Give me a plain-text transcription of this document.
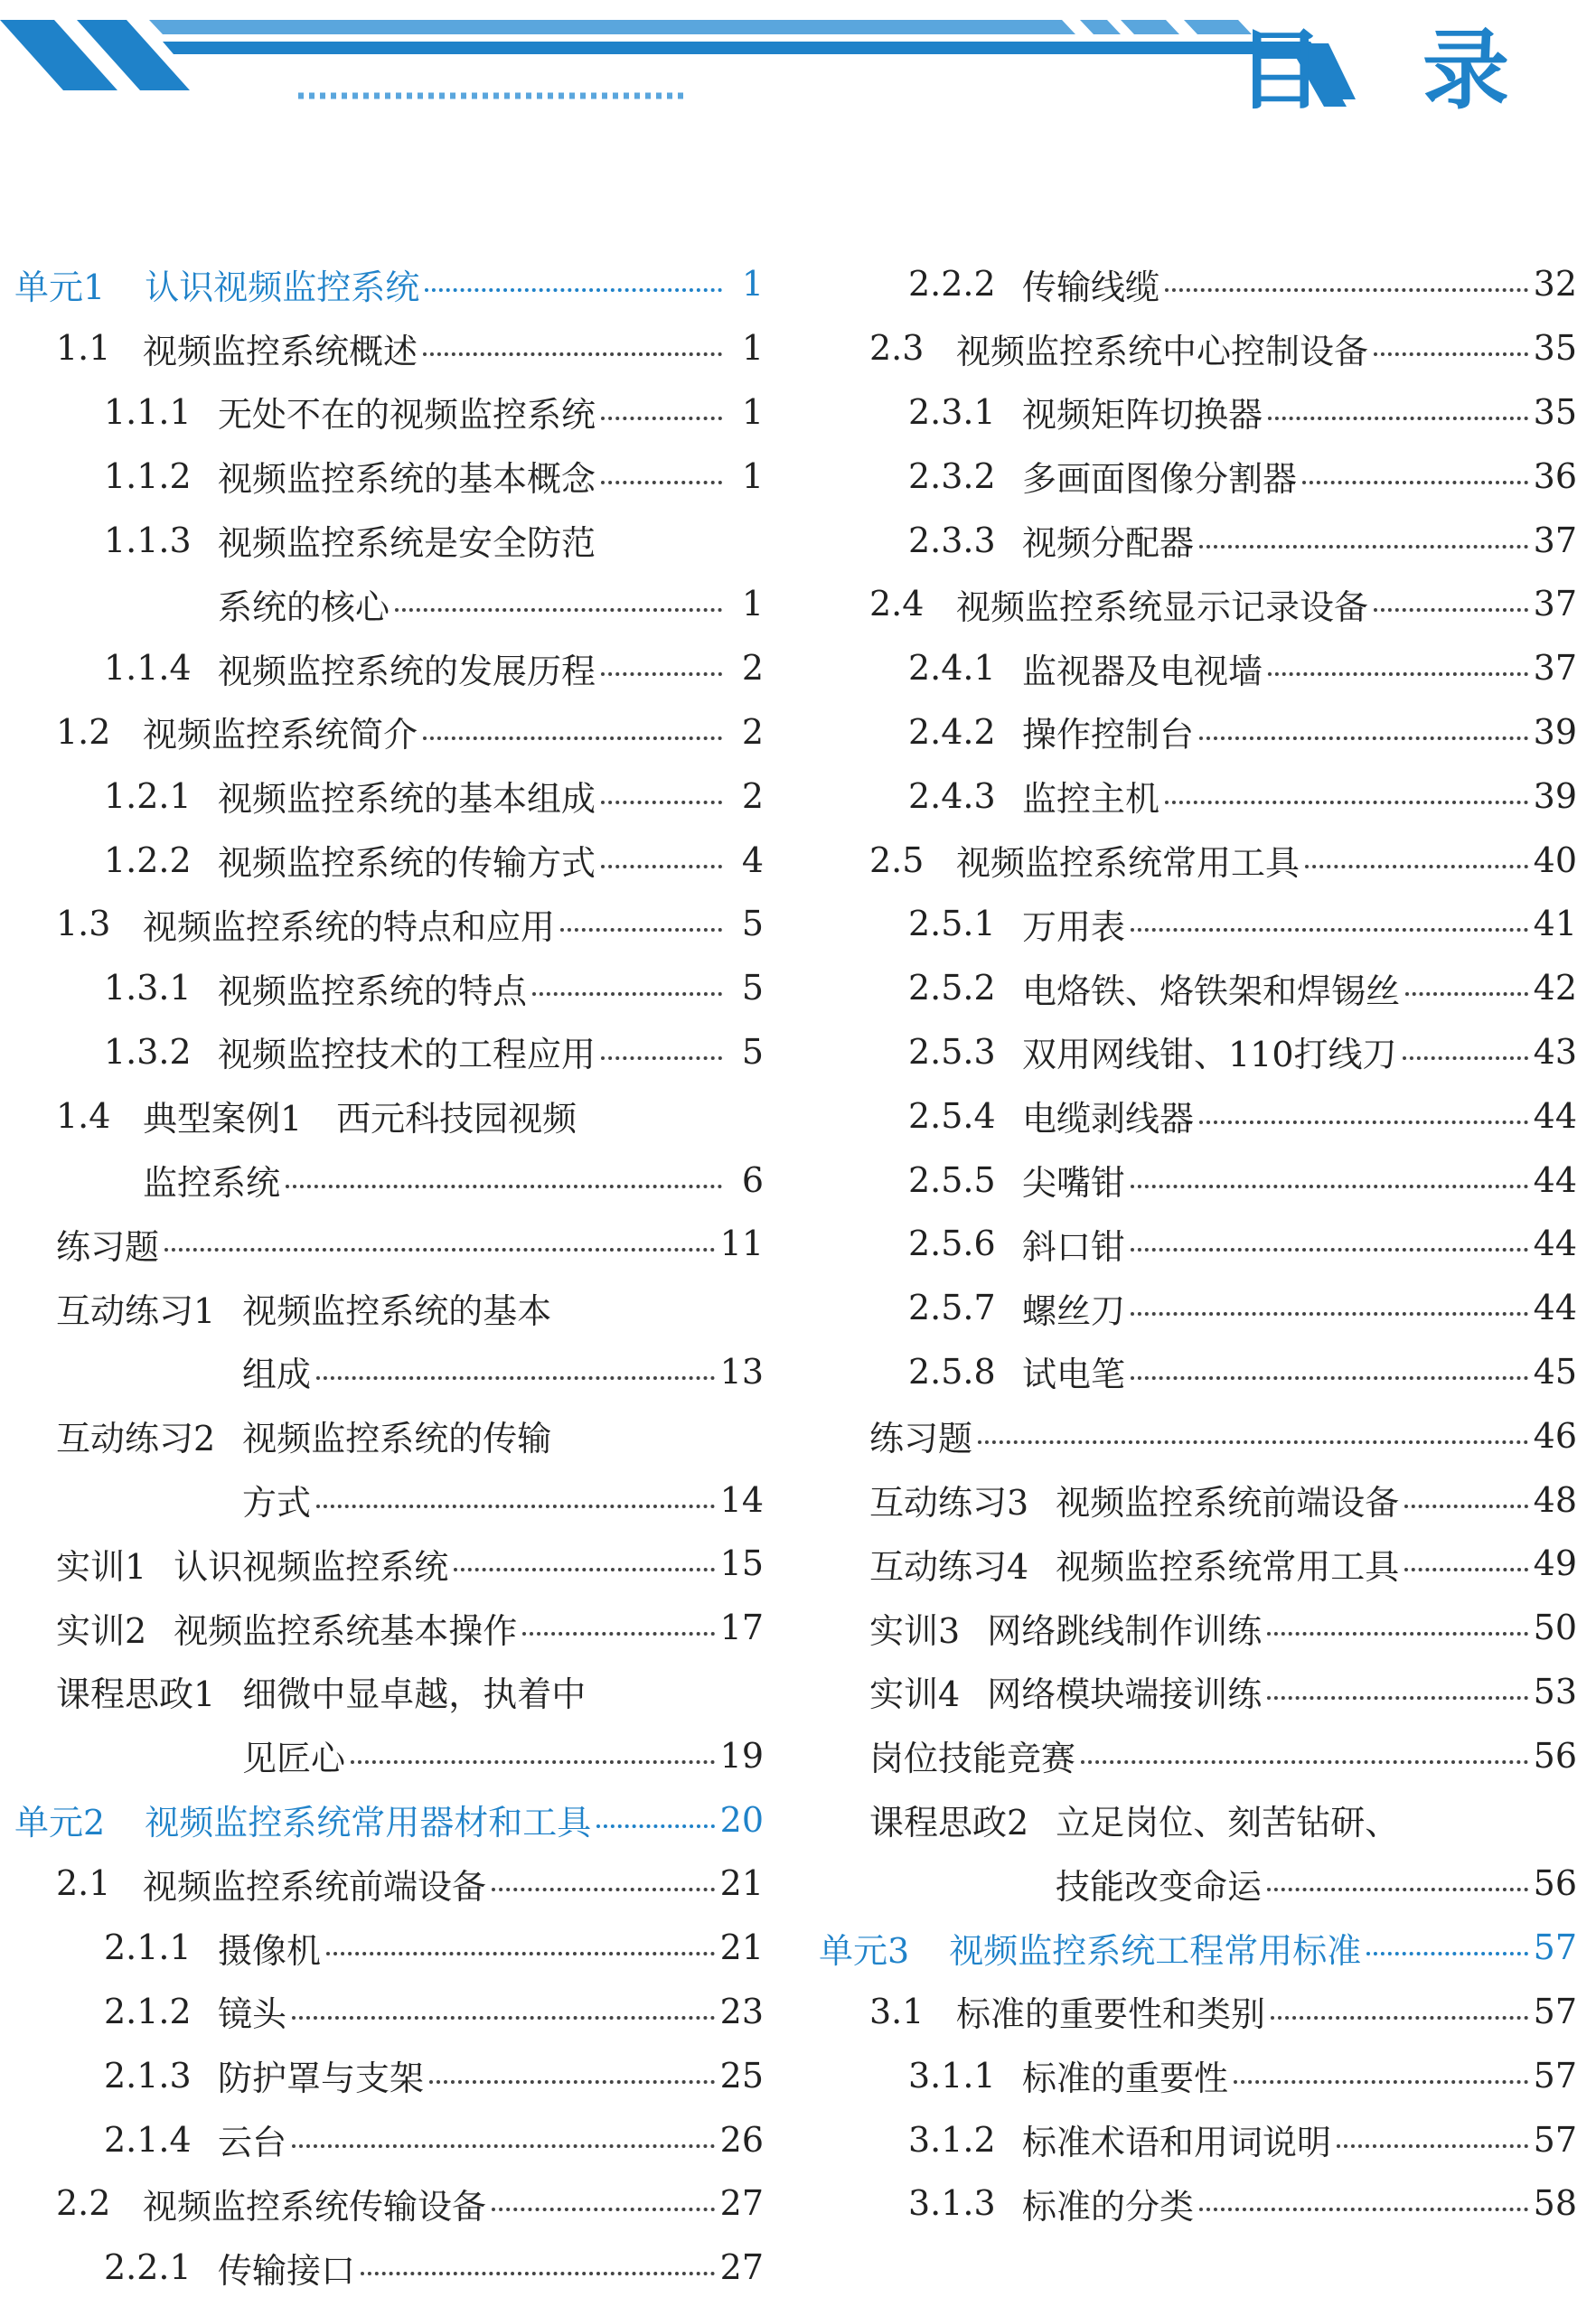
目 录
单元1 认识视频监控系统	1
1.1 视频监控系统概述	1
1.1.1 无处不在的视频监控系统	1
1.1.2 视频监控系统的基本概念	1
1.1.3 视频监控系统是安全防范
系统的核心	1
1.1.4 视频监控系统的发展历程	2
1.2 视频监控系统简介	2
1.2.1 视频监控系统的基本组成	2
1.2.2 视频监控系统的传输方式	4
1.3 视频监控系统的特点和应用	5
1.3.1 视频监控系统的特点	5
1.3.2 视频监控技术的工程应用	5
1.4 典型案例1　西元科技园视频
监控系统	6
练习题	11
互动练习1 视频监控系统的基本
组成	13
互动练习2 视频监控系统的传输
方式	14
实训1 认识视频监控系统	15
实训2 视频监控系统基本操作	17
课程思政1 细微中显卓越，执着中
见匠心	19
单元2 视频监控系统常用器材和工具	20
2.1 视频监控系统前端设备	21
2.1.1 摄像机	21
2.1.2 镜头	23
2.1.3 防护罩与支架	25
2.1.4 云台	26
2.2 视频监控系统传输设备	27
2.2.1 传输接口	27
2.2.2 传输线缆	32
2.3 视频监控系统中心控制设备	35
2.3.1 视频矩阵切换器	35
2.3.2 多画面图像分割器	36
2.3.3 视频分配器	37
2.4 视频监控系统显示记录设备	37
2.4.1 监视器及电视墙	37
2.4.2 操作控制台	39
2.4.3 监控主机	39
2.5 视频监控系统常用工具	40
2.5.1 万用表	41
2.5.2 电烙铁、烙铁架和焊锡丝	42
2.5.3 双用网线钳、110打线刀	43
2.5.4 电缆剥线器	44
2.5.5 尖嘴钳	44
2.5.6 斜口钳	44
2.5.7 螺丝刀	44
2.5.8 试电笔	45
练习题	46
互动练习3 视频监控系统前端设备	48
互动练习4 视频监控系统常用工具	49
实训3 网络跳线制作训练	50
实训4 网络模块端接训练	53
岗位技能竞赛	56
课程思政2 立足岗位、刻苦钻研、
技能改变命运	56
单元3 视频监控系统工程常用标准	57
3.1 标准的重要性和类别	57
3.1.1 标准的重要性	57
3.1.2 标准术语和用词说明	57
3.1.3 标准的分类	58
